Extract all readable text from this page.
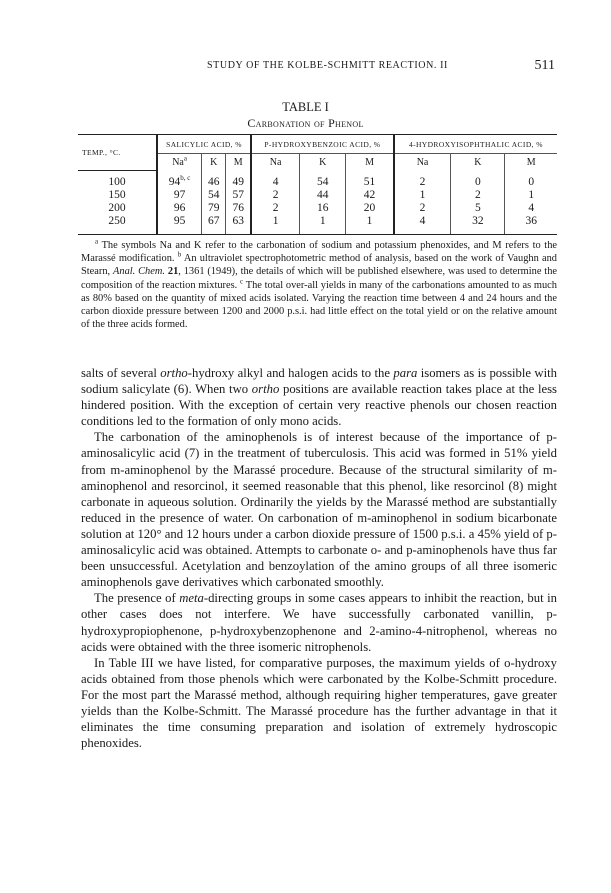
STUDY OF THE KOLBE-SCHMITT REACTION. II	511
TABLE I
Carbonation of Phenol
TEMP., °C.	SALICYLIC ACID, %			P-HYDROXYBENZOIC ACID, %			4-HYDROXYISOPHTHALIC ACID, %		
	Na$^a$	K	M	Na	K	M	Na	K	M
100	94$^{b, c}$	46	49	4	54	51	2	0	0
150	97	54	57	2	44	42	1	2	1
200	96	79	76	2	16	20	2	5	4
250	95	67	63	1	1	1	4	32	36

$^a$ The symbols Na and K refer to the carbonation of sodium and potassium phenoxides, and M refers to the Marassé modification. $^b$ An ultraviolet spectrophotometric method of analysis, based on the work of Vaughn and Stearn, Anal. Chem. 21, 1361 (1949), the details of which will be published elsewhere, was used to determine the composition of the reaction mixtures. $^c$ The total over-all yields in many of the carbonations amounted to as much as 80% based on the quantity of mixed acids isolated. Varying the reaction time between 4 and 24 hours and the carbon dioxide pressure between 1200 and 2000 p.s.i. had little effect on the total yield or on the relative amount of the three acids formed.

salts of several ortho-hydroxy alkyl and halogen acids to the para isomers as is possible with sodium salicylate (6). When two ortho positions are available reaction takes place at the less hindered position. With the exception of certain very reactive phenols our chosen reaction conditions led to the formation of only mono acids.

The carbonation of the aminophenols is of interest because of the importance of p-aminosalicylic acid (7) in the treatment of tuberculosis. This acid was formed in 51% yield from m-aminophenol by the Marassé procedure. Because of the structural similarity of m-aminophenol and resorcinol, it seemed reasonable that this phenol, like resorcinol (8) might carbonate in aqueous solution. Ordinarily the yields by the Marassé method are substantially reduced in the presence of water. On carbonation of m-aminophenol in sodium bicarbonate solution at 120° and 12 hours under a carbon dioxide pressure of 1500 p.s.i. a 45% yield of p-aminosalicylic acid was obtained. Attempts to carbonate o- and p-aminophenols have thus far been unsuccessful. Acetylation and benzoylation of the amino groups of all three isomeric aminophenols gave derivatives which carbonated smoothly.

The presence of meta-directing groups in some cases appears to inhibit the reaction, but in other cases does not interfere. We have successfully carbonated vanillin, p-hydroxypropiophenone, p-hydroxybenzophenone and 2-amino-4-nitrophenol, whereas no acids were obtained with the three isomeric nitrophenols.

In Table III we have listed, for comparative purposes, the maximum yields of o-hydroxy acids obtained from those phenols which were carbonated by the Kolbe-Schmitt procedure. For the most part the Marassé method, although requiring higher temperatures, gave greater yields than the Kolbe-Schmitt. The Marassé procedure has the further advantage in that it eliminates the time consuming preparation and isolation of extremely hydroscopic phenoxides.
